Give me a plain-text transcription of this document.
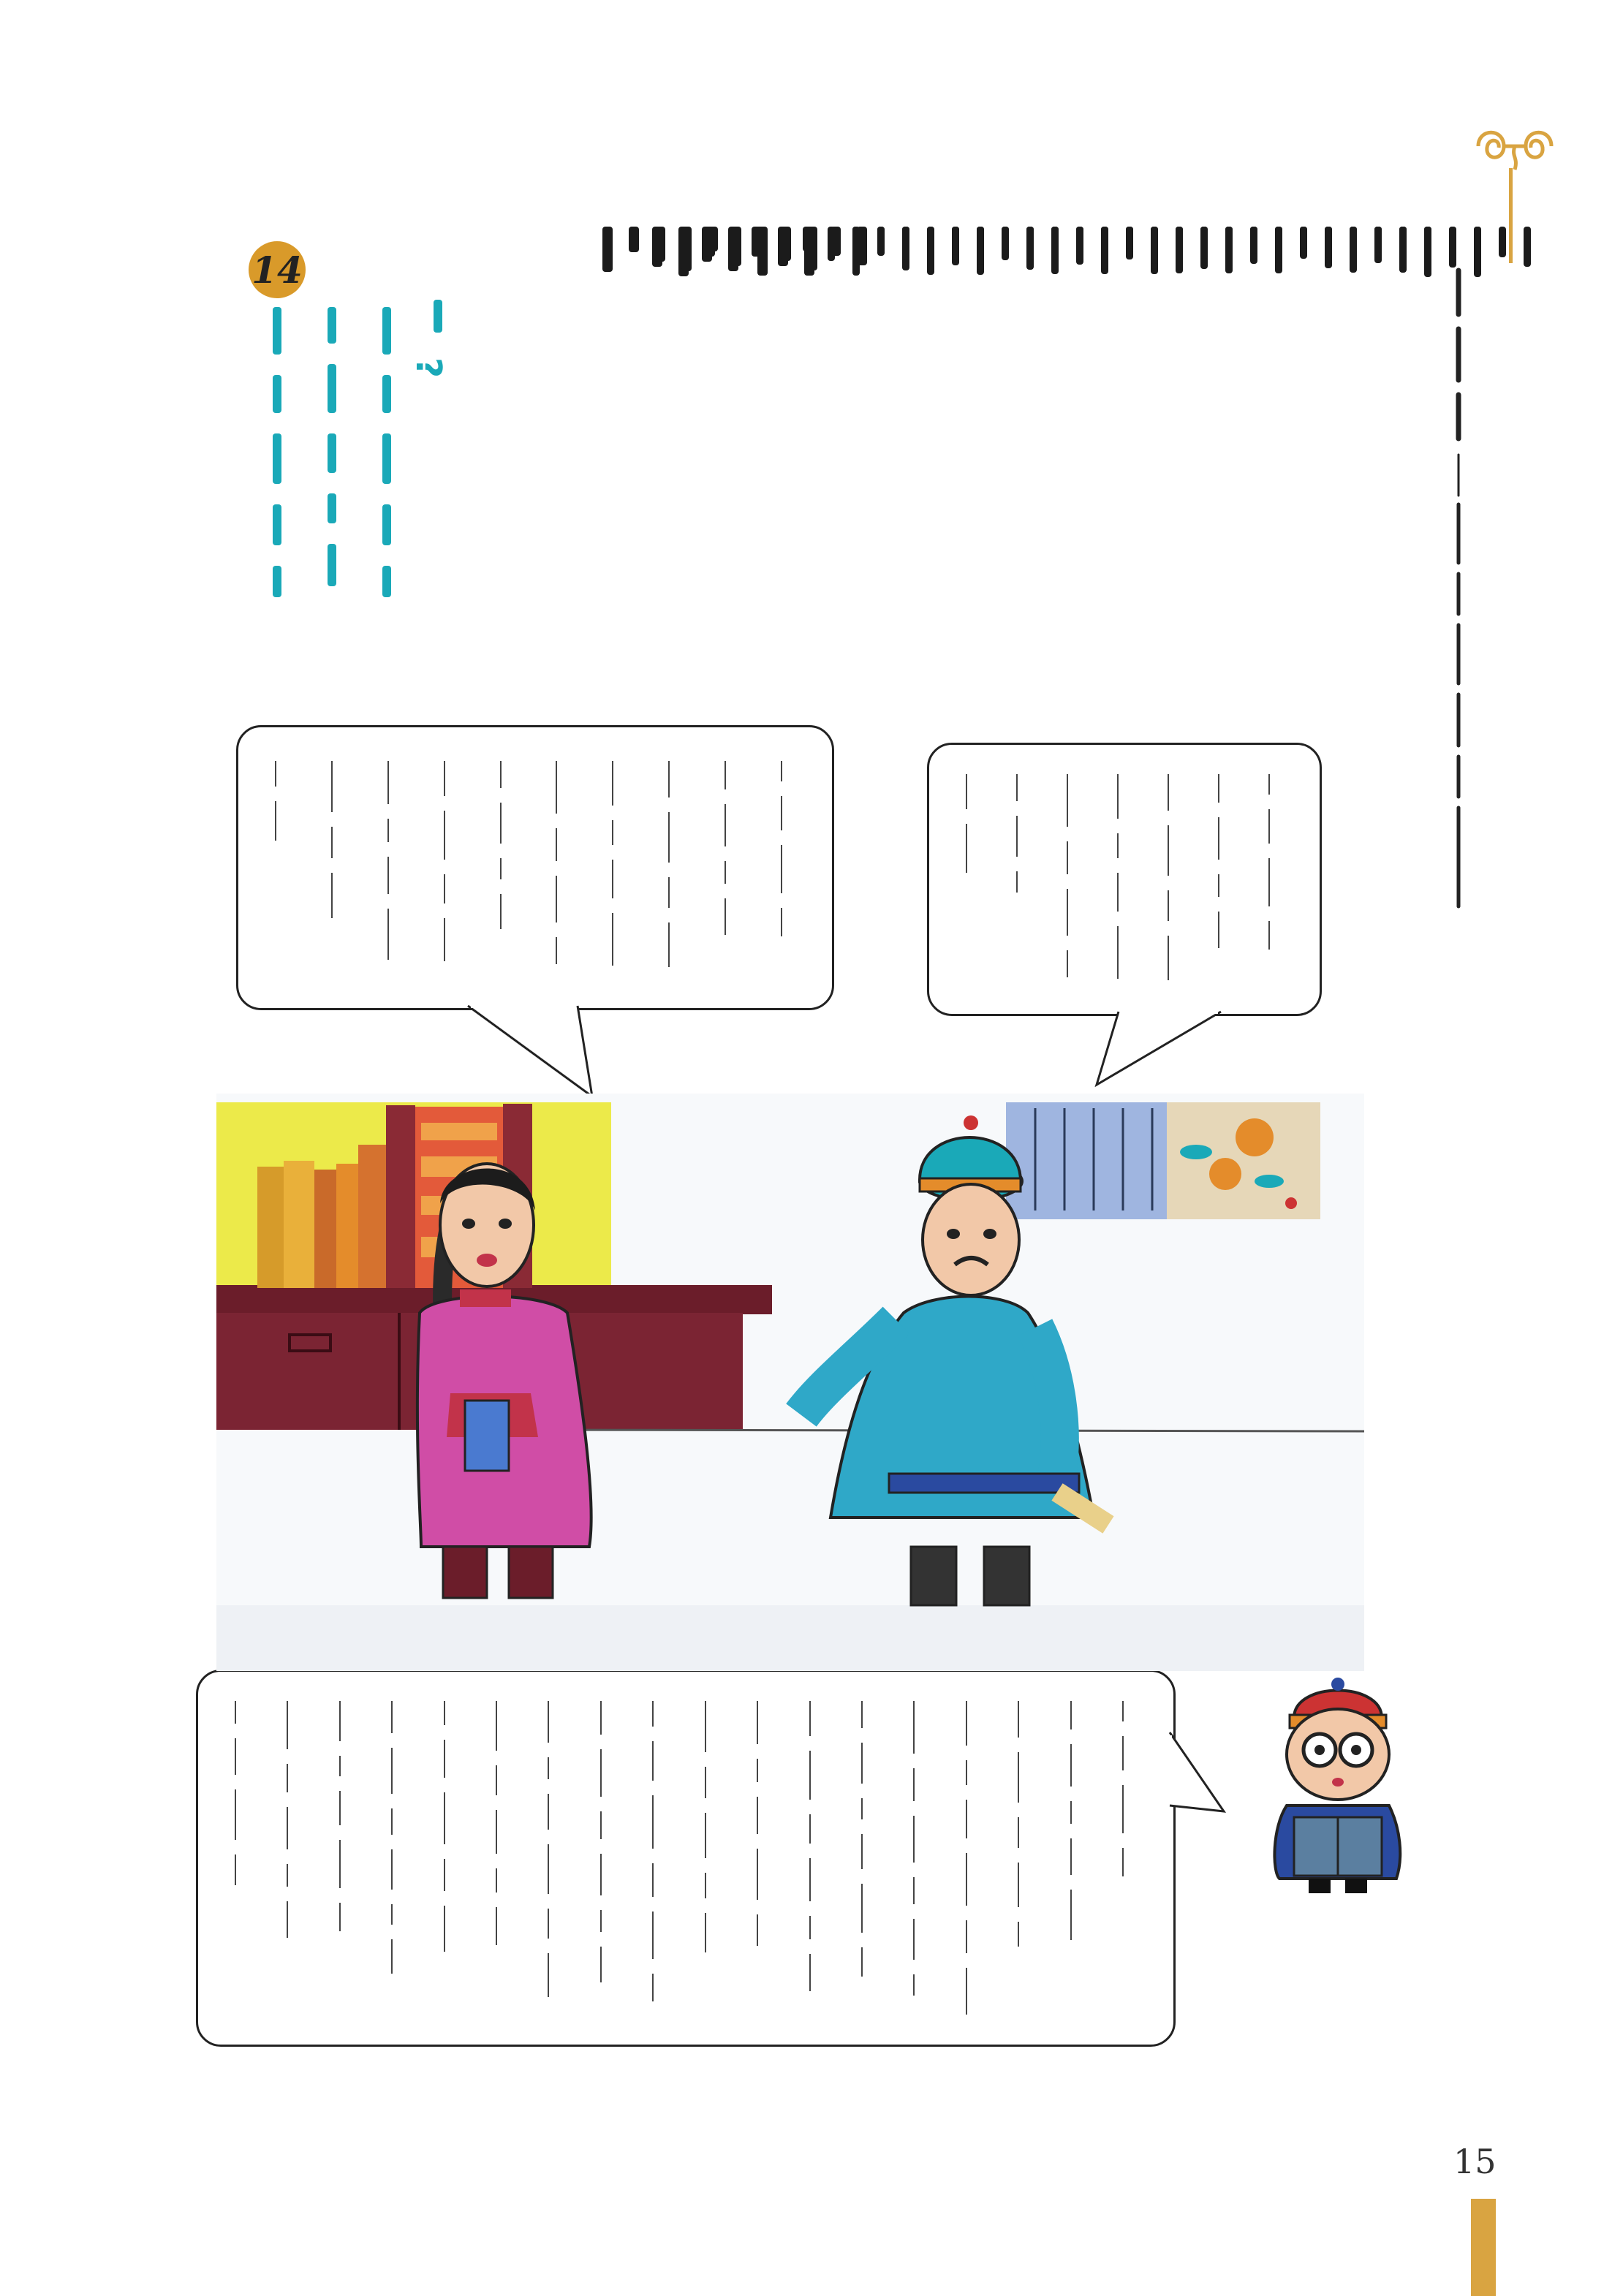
14
?
15
